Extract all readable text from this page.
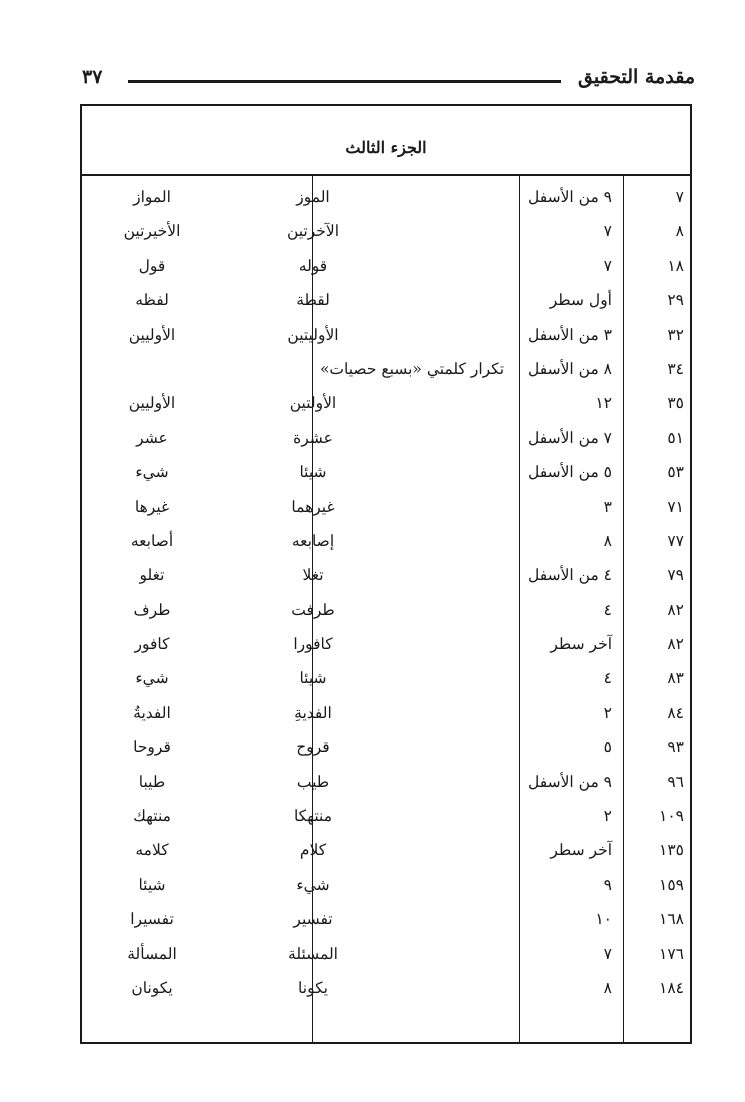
مقدمة التحقيق
٣٧
الجزء الثالث
٧
٩ من الأسفل
الموز
المواز
٨
٧
الآخرتين
الأخيرتين
١٨
٧
قوله
قول
٢٩
أول سطر
لقطة
لفظه
٣٢
٣ من الأسفل
الأوليتين
الأوليين
٣٤
٨ من الأسفل
تكرار كلمتي «بسبع حصيات»
٣٥
١٢
الأولتين
الأوليين
٥١
٧ من الأسفل
عشرة
عشر
٥٣
٥ من الأسفل
شيئا
شيء
٧١
٣
غيرهما
غيرها
٧٧
٨
إصابعه
أصابعه
٧٩
٤ من الأسفل
تغلا
تغلو
٨٢
٤
طرفت
طرف
٨٢
آخر سطر
كافورا
كافور
٨٣
٤
شيئا
شيء
٨٤
٢
الفديةِ
الفديةُ
٩٣
٥
قروح
قروحا
٩٦
٩ من الأسفل
طيب
طيبا
١٠٩
٢
منتهكا
منتهك
١٣٥
آخر سطر
كلام
كلامه
١٥٩
٩
شيء
شيئا
١٦٨
١٠
تفسير
تفسيرا
١٧٦
٧
المسئلة
المسألة
١٨٤
٨
يكونا
يكونان
